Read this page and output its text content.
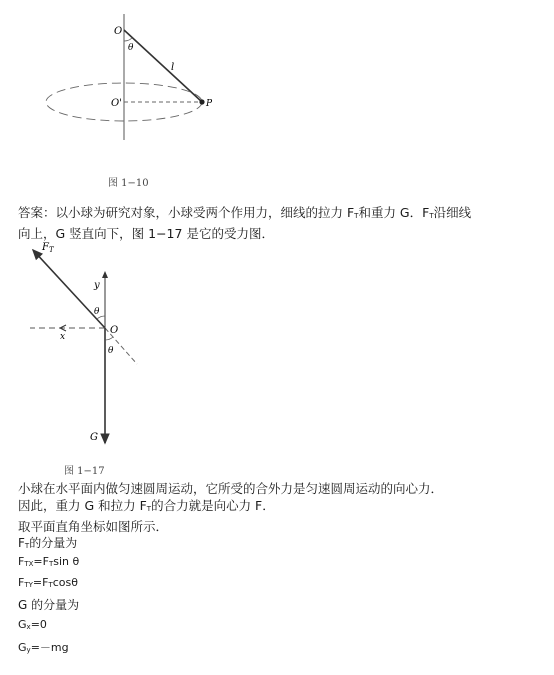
O
θ
l
O'	P
图 1−10
答案：以小球为研究对象，小球受两个作用力，细线的拉力 FT和重力 G．FT沿细线
向上，G 竖直向下，图 1−17 是它的受力图．
$F_T$
y
θ
O
x
θ
G
图 1−17
小球在水平面内做匀速圆周运动，它所受的合外力是匀速圆周运动的向心力．
因此，重力 G 和拉力 FT的合力就是向心力 F．
取平面直角坐标如图所示．
FT的分量为
FTX=FTsin θ
FTY=FTcosθ
G 的分量为
Gx=0
Gy=－mg
